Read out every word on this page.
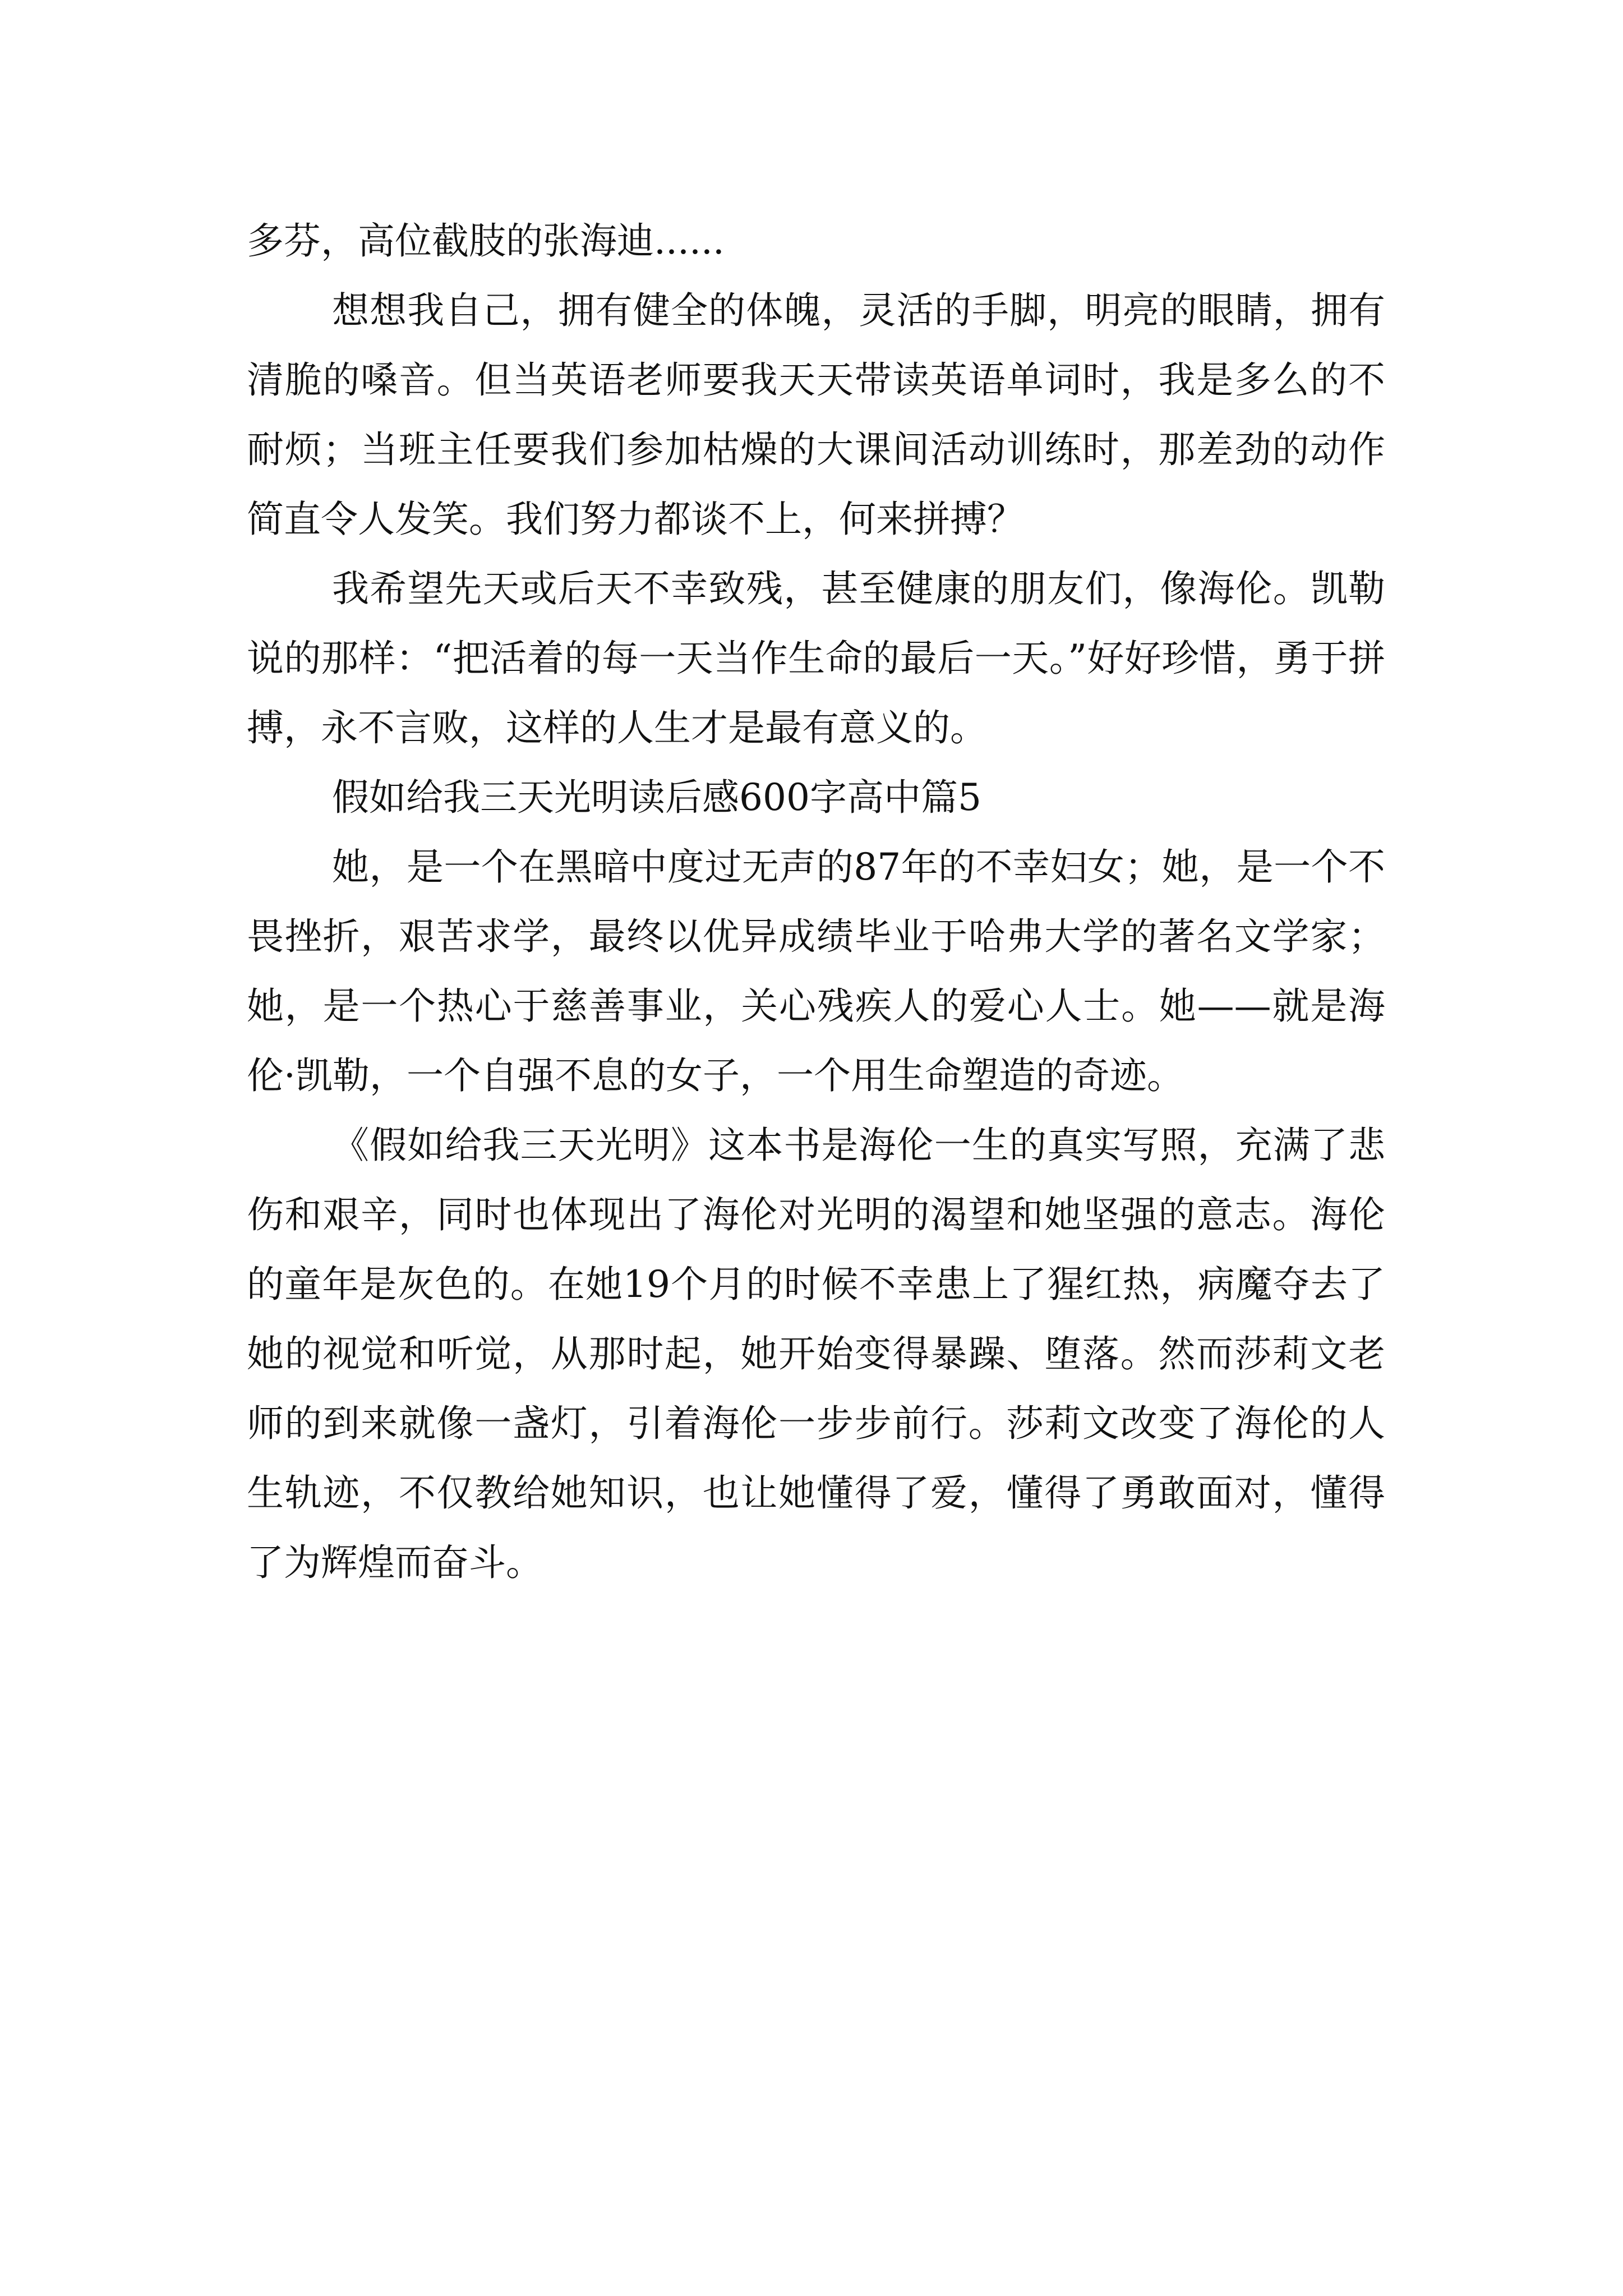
多芬，高位截肢的张海迪......

想想我自己，拥有健全的体魄，灵活的手脚，明亮的眼睛，拥有清脆的嗓音。但当英语老师要我天天带读英语单词时，我是多么的不耐烦；当班主任要我们参加枯燥的大课间活动训练时，那差劲的动作简直令人发笑。我们努力都谈不上，何来拼搏？

我希望先天或后天不幸致残，甚至健康的朋友们，像海伦。凯勒说的那样：“把活着的每一天当作生命的最后一天。”好好珍惜，勇于拼搏，永不言败，这样的人生才是最有意义的。

假如给我三天光明读后感600字高中篇5

她，是一个在黑暗中度过无声的87年的不幸妇女；她，是一个不畏挫折，艰苦求学，最终以优异成绩毕业于哈弗大学的著名文学家；她，是一个热心于慈善事业，关心残疾人的爱心人士。她——就是海伦·凯勒，一个自强不息的女子，一个用生命塑造的奇迹。

《假如给我三天光明》这本书是海伦一生的真实写照，充满了悲伤和艰辛，同时也体现出了海伦对光明的渴望和她坚强的意志。海伦的童年是灰色的。在她19个月的时候不幸患上了猩红热，病魔夺去了她的视觉和听觉，从那时起，她开始变得暴躁、堕落。然而莎莉文老师的到来就像一盏灯，引着海伦一步步前行。莎莉文改变了海伦的人生轨迹，不仅教给她知识，也让她懂得了爱，懂得了勇敢面对，懂得了为辉煌而奋斗。
